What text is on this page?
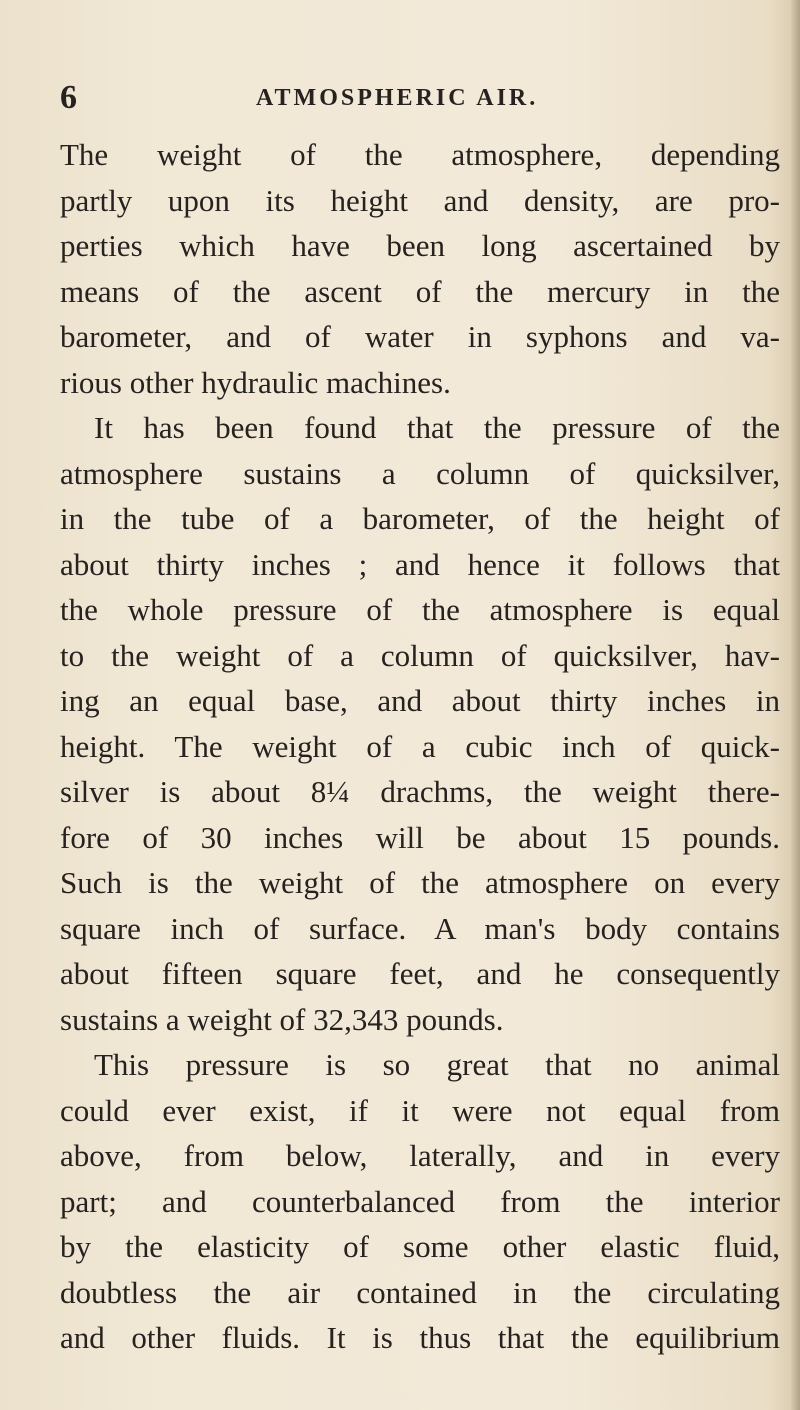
6	ATMOSPHERIC AIR.
The weight of the atmosphere, depending
partly upon its height and density, are pro-
perties which have been long ascertained by
means of the ascent of the mercury in the
barometer, and of water in syphons and va-
rious other hydraulic machines.
It has been found that the pressure of the
atmosphere sustains a column of quicksilver,
in the tube of a barometer, of the height of
about thirty inches ; and hence it follows that
the whole pressure of the atmosphere is equal
to the weight of a column of quicksilver, hav-
ing an equal base, and about thirty inches in
height. The weight of a cubic inch of quick-
silver is about 8¼ drachms, the weight there-
fore of 30 inches will be about 15 pounds.
Such is the weight of the atmosphere on every
square inch of surface. A man's body contains
about fifteen square feet, and he consequently
sustains a weight of 32,343 pounds.
This pressure is so great that no animal
could ever exist, if it were not equal from
above, from below, laterally, and in every
part; and counterbalanced from the interior
by the elasticity of some other elastic fluid,
doubtless the air contained in the circulating
and other fluids. It is thus that the equilibrium
